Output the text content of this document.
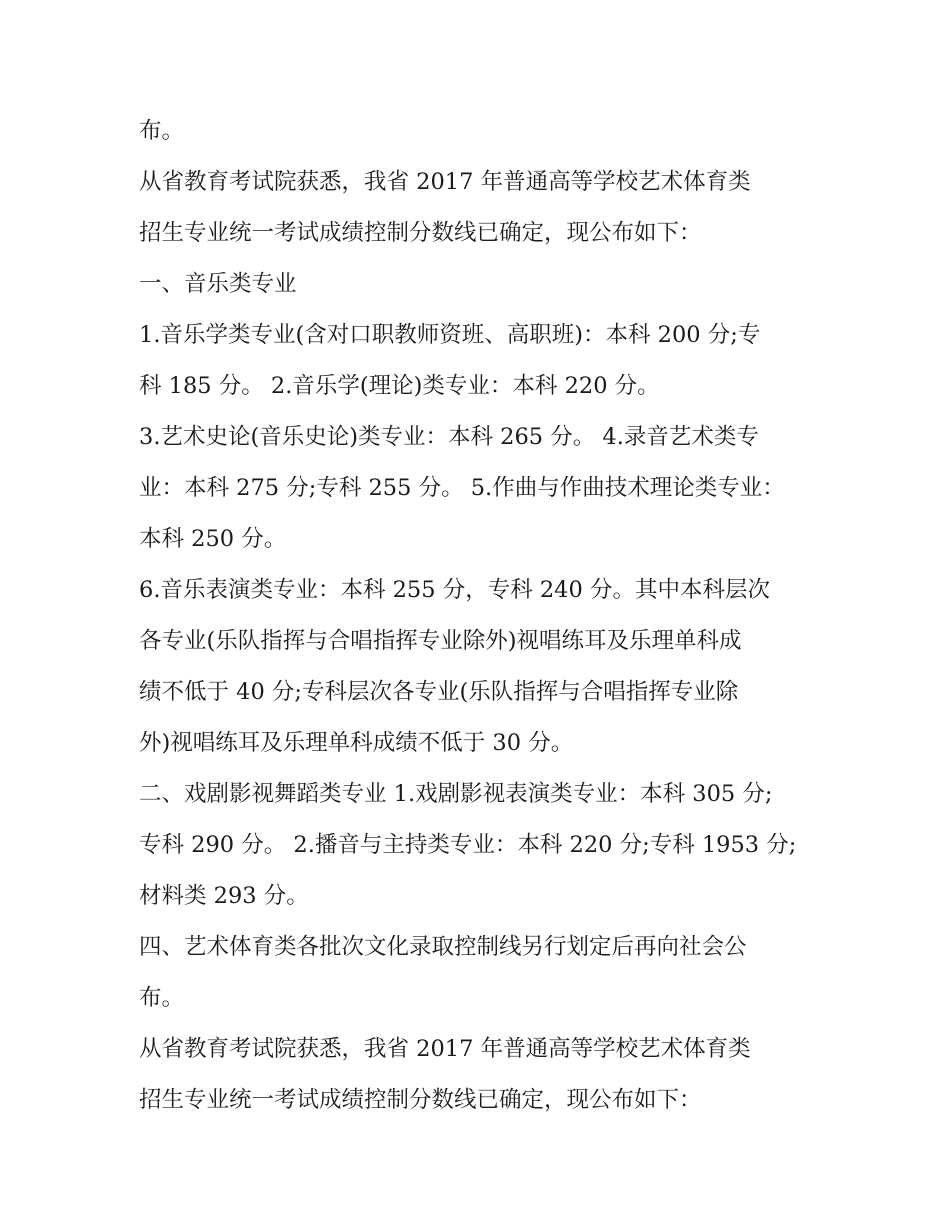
布。
从省教育考试院获悉，我省 2017 年普通高等学校艺术体育类
招生专业统一考试成绩控制分数线已确定，现公布如下：
一、音乐类专业
1.音乐学类专业(含对口职教师资班、高职班)：本科 200 分;专
科 185 分。 2.音乐学(理论)类专业：本科 220 分。
3.艺术史论(音乐史论)类专业：本科 265 分。 4.录音艺术类专
业：本科 275 分;专科 255 分。 5.作曲与作曲技术理论类专业：
本科 250 分。
6.音乐表演类专业：本科 255 分，专科 240 分。其中本科层次
各专业(乐队指挥与合唱指挥专业除外)视唱练耳及乐理单科成
绩不低于 40 分;专科层次各专业(乐队指挥与合唱指挥专业除
外)视唱练耳及乐理单科成绩不低于 30 分。
二、戏剧影视舞蹈类专业 1.戏剧影视表演类专业：本科 305 分;
专科 290 分。 2.播音与主持类专业：本科 220 分;专科 1953 分;
材料类 293 分。
四、艺术体育类各批次文化录取控制线另行划定后再向社会公
布。
从省教育考试院获悉，我省 2017 年普通高等学校艺术体育类
招生专业统一考试成绩控制分数线已确定，现公布如下：
